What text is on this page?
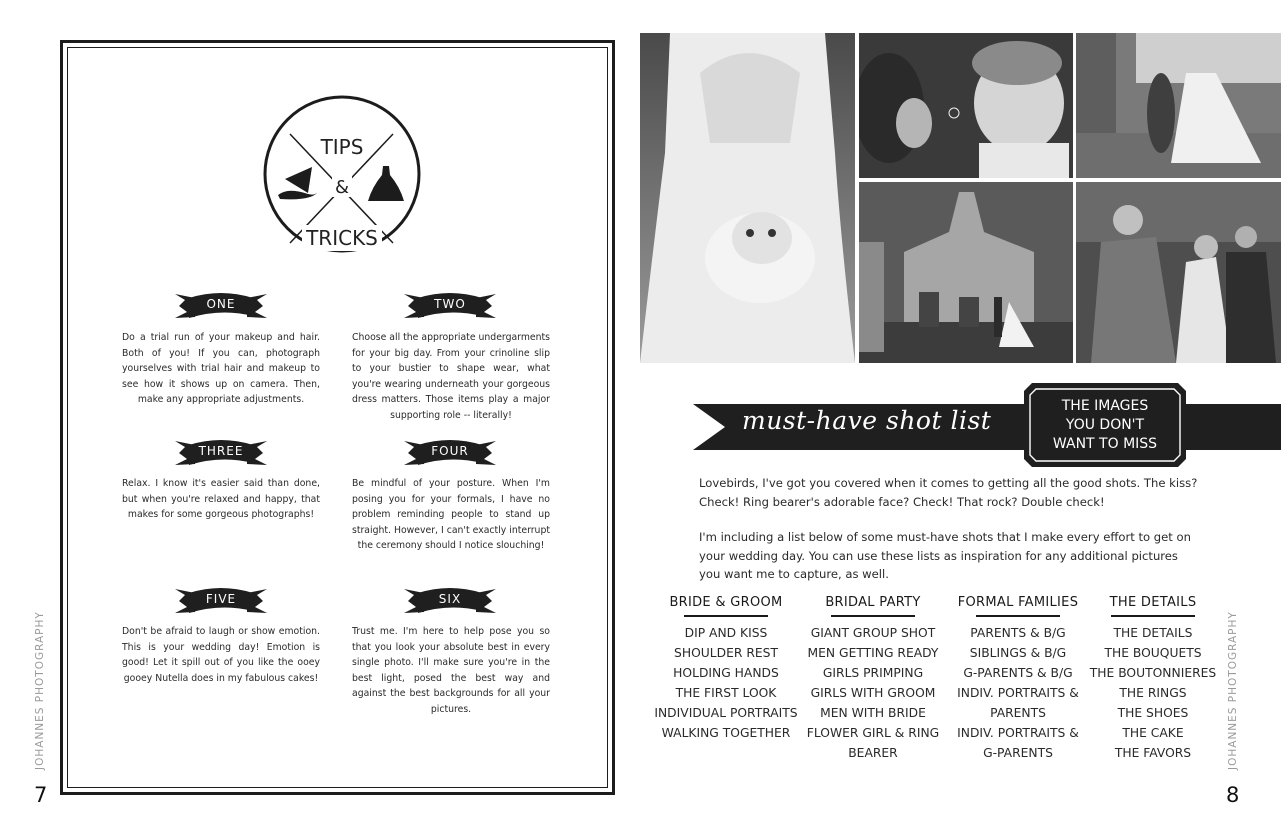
TIPS
&
TRICKS
ONE	TWO
THREE	FOUR
FIVE	SIX

Do a trial run of your makeup and hair. Both of you! If you can, photograph yourselves with trial hair and makeup to see how it shows up on camera. Then, make any appropriate adjustments.

Choose all the appropriate undergarments for your big day. From your crinoline slip to your bustier to shape wear, what you're wearing underneath your gorgeous dress matters. Those items play a major supporting role -- literally!

Relax. I know it's easier said than done, but when you're relaxed and happy, that makes for some gorgeous photographs!

Be mindful of your posture. When I'm posing you for your formals, I have no problem reminding people to stand up straight. However, I can't exactly interrupt the ceremony should I notice slouching!

Don't be afraid to laugh or show emotion. This is your wedding day! Emotion is good! Let it spill out of you like the ooey gooey Nutella does in my fabulous cakes!

Trust me. I'm here to help pose you so that you look your absolute best in every single photo. I'll make sure you're in the best light, posed the best way and against the best backgrounds for all your pictures.

JOHANNES PHOTOGRAPHY
7
must-have shot list	THE IMAGES
YOU DON'T
WANT TO MISS

Lovebirds, I've got you covered when it comes to getting all the good shots. The kiss? Check! Ring bearer's adorable face? Check! That rock? Double check!

I'm including a list below of some must-have shots that I make every effort to get on your wedding day. You can use these lists as inspiration for any additional pictures you want me to capture, as well.

BRIDE & GROOM
DIP AND KISS
SHOULDER REST
HOLDING HANDS
THE FIRST LOOK
INDIVIDUAL PORTRAITS
WALKING TOGETHER
BRIDAL PARTY
GIANT GROUP SHOT
MEN GETTING READY
GIRLS PRIMPING
GIRLS WITH GROOM
MEN WITH BRIDE
FLOWER GIRL & RING
BEARER
FORMAL FAMILIES
PARENTS & B/G
SIBLINGS & B/G
G-PARENTS & B/G
INDIV. PORTRAITS &
PARENTS
INDIV. PORTRAITS &
G-PARENTS
THE DETAILS
THE DETAILS
THE BOUQUETS
THE BOUTONNIERES
THE RINGS
THE SHOES
THE CAKE
THE FAVORS	JOHANNES PHOTOGRAPHY
8
